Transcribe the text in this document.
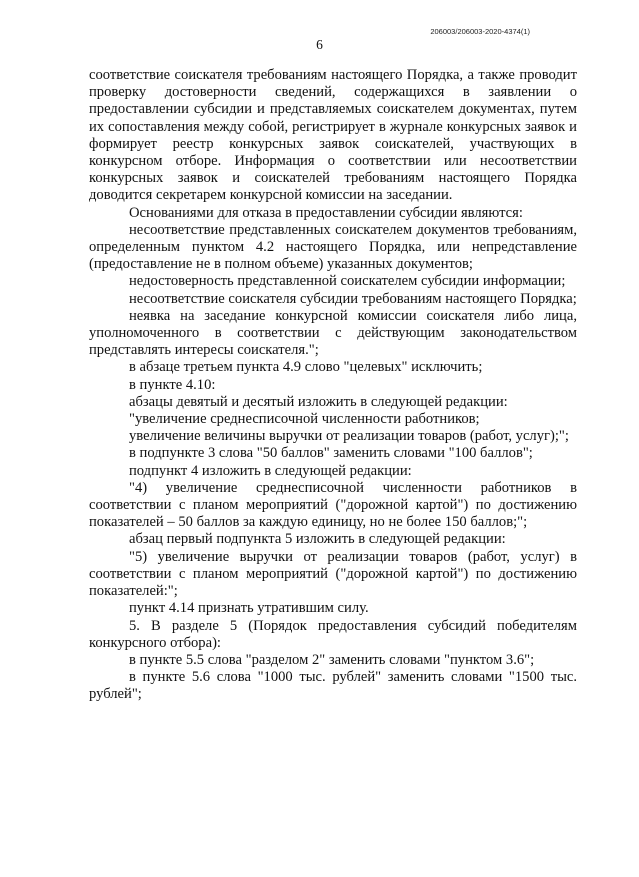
206003/206003-2020-4374(1)
6

соответствие соискателя требованиям настоящего Порядка, а также проводит проверку достоверности сведений, содержащихся в заявлении о предоставлении субсидии и представляемых соискателем документах, путем их сопоставления между собой, регистрирует в журнале конкурсных заявок и формирует реестр конкурсных заявок соискателей, участвующих в конкурсном отборе. Информация о соответствии или несоответствии конкурсных заявок и соискателей требованиям настоящего Порядка доводится секретарем конкурсной комиссии на заседании.

Основаниями для отказа в предоставлении субсидии являются:

несоответствие представленных соискателем документов требованиям, определенным пунктом 4.2 настоящего Порядка, или непредставление (предоставление не в полном объеме) указанных документов;

недостоверность представленной соискателем субсидии информации;

несоответствие соискателя субсидии требованиям настоящего Порядка;

неявка на заседание конкурсной комиссии соискателя либо лица, уполномоченного в соответствии с действующим законодательством представлять интересы соискателя.";

в абзаце третьем пункта 4.9 слово "целевых" исключить;

в пункте 4.10:

абзацы девятый и десятый изложить в следующей редакции:

"увеличение среднесписочной численности работников;

увеличение величины выручки от реализации товаров (работ, услуг);";

в подпункте 3 слова "50 баллов" заменить словами "100 баллов";

подпункт 4 изложить в следующей редакции:

"4) увеличение среднесписочной численности работников в соответствии с планом мероприятий ("дорожной картой") по достижению показателей – 50 баллов за каждую единицу, но не более 150 баллов;";

абзац первый подпункта 5 изложить в следующей редакции:

"5) увеличение выручки от реализации товаров (работ, услуг) в соответствии с планом мероприятий ("дорожной картой") по достижению показателей:";

пункт 4.14 признать утратившим силу.

5. В разделе 5 (Порядок предоставления субсидий победителям конкурсного отбора):

в пункте 5.5 слова "разделом 2" заменить словами "пунктом 3.6";

в пункте 5.6 слова "1000 тыс. рублей" заменить словами "1500 тыс. рублей";
